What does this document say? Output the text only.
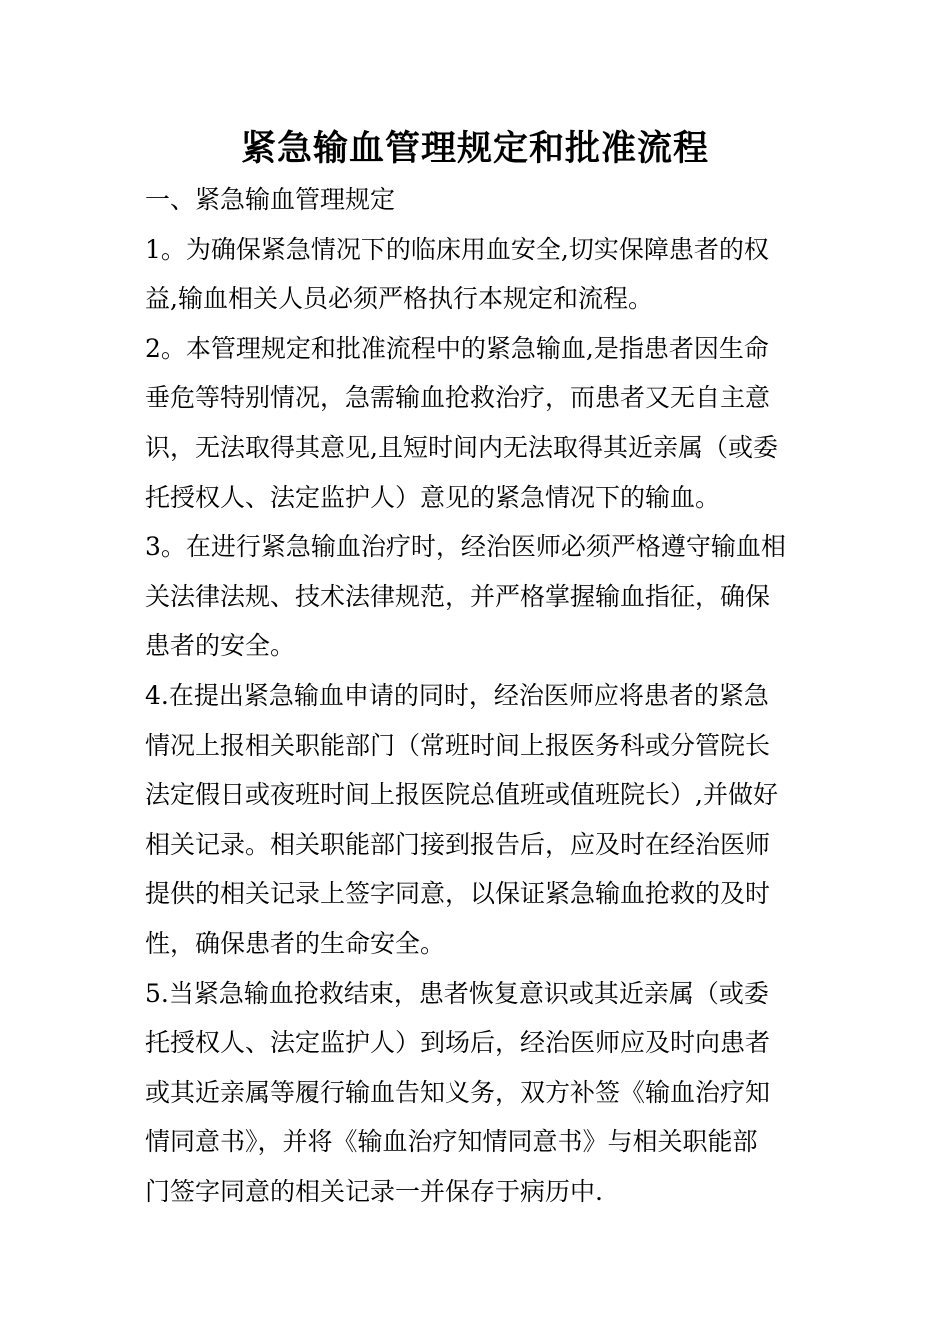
紧急输血管理规定和批准流程
一、紧急输血管理规定
1。为确保紧急情况下的临床用血安全,切实保障患者的权
益,输血相关人员必须严格执行本规定和流程。
2。本管理规定和批准流程中的紧急输血,是指患者因生命
垂危等特别情况，急需输血抢救治疗，而患者又无自主意
识，无法取得其意见,且短时间内无法取得其近亲属（或委
托授权人、法定监护人）意见的紧急情况下的输血。
3。在进行紧急输血治疗时，经治医师必须严格遵守输血相
关法律法规、技术法律规范，并严格掌握输血指征，确保
患者的安全。
4.在提出紧急输血申请的同时，经治医师应将患者的紧急
情况上报相关职能部门（常班时间上报医务科或分管院长
法定假日或夜班时间上报医院总值班或值班院长）,并做好
相关记录。相关职能部门接到报告后，应及时在经治医师
提供的相关记录上签字同意，以保证紧急输血抢救的及时
性，确保患者的生命安全。
5.当紧急输血抢救结束，患者恢复意识或其近亲属（或委
托授权人、法定监护人）到场后，经治医师应及时向患者
或其近亲属等履行输血告知义务，双方补签《输血治疗知
情同意书》，并将《输血治疗知情同意书》与相关职能部
门签字同意的相关记录一并保存于病历中.
